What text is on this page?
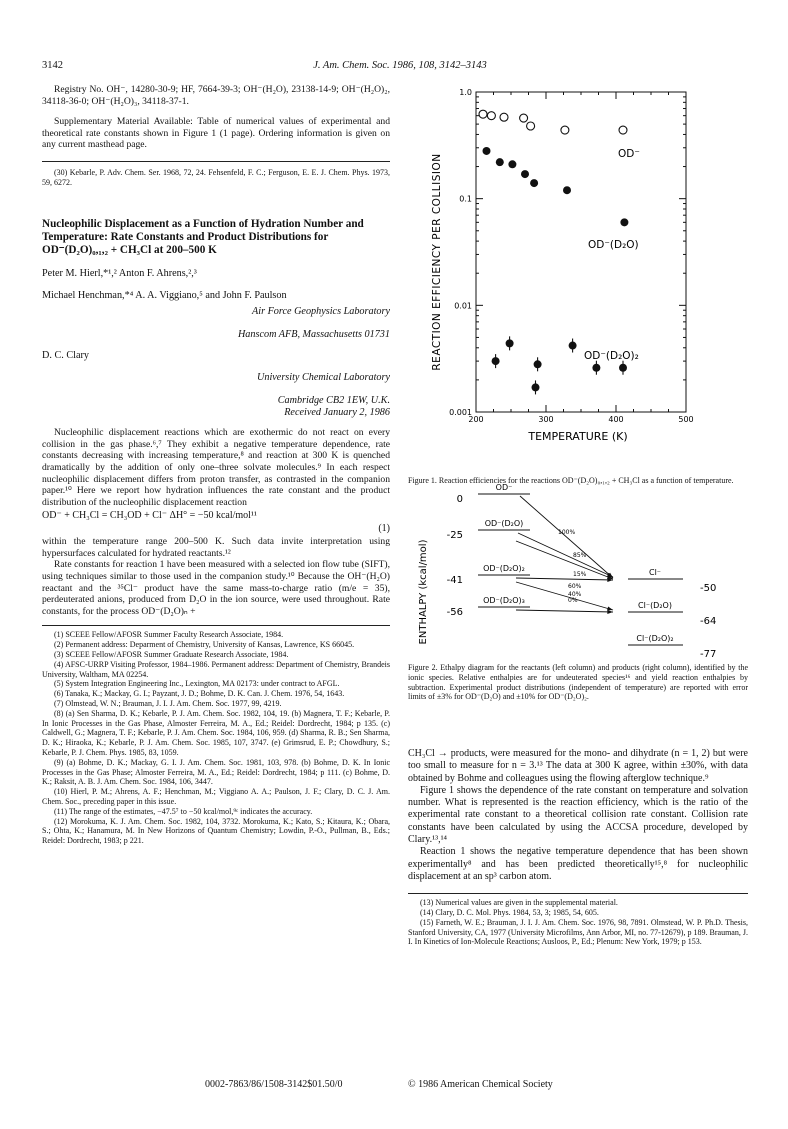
3142	J. Am. Chem. Soc. 1986, 108, 3142–3143

Registry No. OH⁻, 14280-30-9; HF, 7664-39-3; OH⁻(H₂O), 23138-14-9; OH⁻(H₂O)₂, 34118-36-0; OH⁻(H₂O)₃, 34118-37-1.

Supplementary Material Available: Table of numerical values of experimental and theoretical rate constants shown in Figure 1 (1 page). Ordering information is given on any current masthead page.

(30) Kebarle, P. Adv. Chem. Ser. 1968, 72, 24. Fehsenfeld, F. C.; Ferguson, E. E. J. Chem. Phys. 1973, 59, 6272.

Nucleophilic Displacement as a Function of Hydration Number and Temperature: Rate Constants and Product Distributions for OD⁻(D₂O)₀,₁,₂ + CH₃Cl at 200–500 K

Peter M. Hierl,*¹,² Anton F. Ahrens,²,³

Michael Henchman,*⁴ A. A. Viggiano,⁵ and John F. Paulson

Air Force Geophysics Laboratory

Hanscom AFB, Massachusetts 01731

D. C. Clary

University Chemical Laboratory

Cambridge CB2 1EW, U.K.

Received January 2, 1986

Nucleophilic displacement reactions which are exothermic do not react on every collision in the gas phase.⁶,⁷ They exhibit a negative temperature dependence, rate constants decreasing with increasing temperature,⁸ and reaction at 300 K is quenched dramatically by the addition of only one–three solvate molecules.⁹ In each respect nucleophilic displacement differs from proton transfer, as contrasted in the companion paper.¹⁰ Here we report how hydration influences the rate constant and the product distribution of the nucleophilic displacement reaction

OD⁻ + CH₃Cl = CH₃OD + Cl⁻ ΔH° = −50 kcal/mol¹¹
(1)

within the temperature range 200–500 K. Such data invite interpretation using hypersurfaces calculated for hydrated reactants.¹²

Rate constants for reaction 1 have been measured with a selected ion flow tube (SIFT), using techniques similar to those used in the companion study.¹⁰ Because the OH⁻(H₂O) reactant and the ³⁵Cl⁻ product have the same mass-to-charge ratio (m/e = 35), perdeuterated anions, produced from D₂O in the ion source, were used throughout. Rate constants, for the process OD⁻(D₂O)ₙ +

(1) SCEEE Fellow/AFOSR Summer Faculty Research Associate, 1984.

(2) Permanent address: Deparment of Chemistry, University of Kansas, Lawrence, KS 66045.

(3) SCEEE Fellow/AFOSR Summer Graduate Research Associate, 1984.

(4) AFSC-URRP Visiting Professor, 1984–1986. Permanent address: Department of Chemistry, Brandeis University, Waltham, MA 02254.

(5) System Integration Engineering Inc., Lexington, MA 02173: under contract to AFGL.

(6) Tanaka, K.; Mackay, G. I.; Payzant, J. D.; Bohme, D. K. Can. J. Chem. 1976, 54, 1643.

(7) Olmstead, W. N.; Brauman, J. I. J. Am. Chem. Soc. 1977, 99, 4219.

(8) (a) Sen Sharma, D. K.; Kebarle, P. J. Am. Chem. Soc. 1982, 104, 19. (b) Magnera, T. F.; Kebarle, P. In Ionic Processes in the Gas Phase, Almoster Ferreira, M. A., Ed.; Reidel: Dordrecht, 1984; p 135. (c) Caldwell, G.; Magnera, T. F.; Kebarle, P. J. Am. Chem. Soc. 1984, 106, 959. (d) Sharma, R. B.; Sen Sharma, D. K.; Hiraoka, K.; Kebarle, P. J. Am. Chem. Soc. 1985, 107, 3747. (e) Grimsrud, E. P.; Chowdhury, S.; Kebarle, P. J. Chem. Phys. 1985, 83, 1059.

(9) (a) Bohme, D. K.; Mackay, G. I. J. Am. Chem. Soc. 1981, 103, 978. (b) Bohme, D. K. In Ionic Processes in the Gas Phase; Almoster Ferreira, M. A., Ed.; Reidel: Dordrecht, 1984; p 111. (c) Bohme, D. K.; Raksit, A. B. J. Am. Chem. Soc. 1984, 106, 3447.

(10) Hierl, P. M.; Ahrens, A. F.; Henchman, M.; Viggiano A. A.; Paulson, J. F.; Clary, D. C. J. Am. Chem. Soc., preceding paper in this issue.

(11) The range of the estimates, −47.5⁷ to −50 kcal/mol,⁹ᶜ indicates the accuracy.

(12) Morokuma, K. J. Am. Chem. Soc. 1982, 104, 3732. Morokuma, K.; Kato, S.; Kitaura, K.; Obara, S.; Ohta, K.; Hanamura, M. In New Horizons of Quantum Chemistry; Lowdin, P.-O., Pullman, B., Eds.; Reidel: Dordrecht, 1983; p 221.

0.001
0.01
0.1
1.0
200	300	400	500
REACTION EFFICIENCY PER COLLISION
TEMPERATURE (K)
OD⁻
OD⁻(D₂O)
OD⁻(D₂O)₂

Figure 1. Reaction efficiencies for the reactions OD⁻(D₂O)₀,₁,₂ + CH₃Cl as a function of temperature.

OD⁻
0
OD⁻(D₂O)
-25
OD⁻(D₂O)₂
-41
OD⁻(D₂O)₃
-56
Cl⁻
-50
Cl⁻(D₂O)
-64
Cl⁻(D₂O)₂
-77
100%
85%
15%
60%
40%
0%
ENTHALPY (kcal/mol)

Figure 2. Ethalpy diagram for the reactants (left column) and products (right column), identified by the ionic species. Relative enthalpies are for undeuterated species¹⁶ and yield reaction enthalpies by subtraction. Experimental product distributions (independent of temperature) are reported with error limits of ±3% for OD⁻(D₂O) and ±10% for OD⁻(D₂O)₂.

CH₃Cl → products, were measured for the mono- and dihydrate (n = 1, 2) but were too small to measure for n = 3.¹³ The data at 300 K agree, within ±30%, with data obtained by Bohme and colleagues using the flowing afterglow technique.⁹

Figure 1 shows the dependence of the rate constant on temperature and solvation number. What is represented is the reaction efficiency, which is the ratio of the experimental rate constant to a theoretical collision rate constant. Collision rate constants have been calculated by using the ACCSA procedure, developed by Clary.¹³,¹⁴

Reaction 1 shows the negative temperature dependence that has been shown experimentally⁸ and has been predicted theoretically¹⁵,⁸ for nucleophilic displacement at an sp³ carbon atom.

(13) Numerical values are given in the supplemental material.

(14) Clary, D. C. Mol. Phys. 1984, 53, 3; 1985, 54, 605.

(15) Farneth, W. E.; Brauman, J. I. J. Am. Chem. Soc. 1976, 98, 7891. Olmstead, W. P. Ph.D. Thesis, Stanford University, CA, 1977 (University Microfilms, Ann Arbor, MI, no. 77-12679), p 189. Brauman, J. I. In Kinetics of Ion-Molecule Reactions; Ausloos, P., Ed.; Plenum: New York, 1979; p 153.

0002-7863/86/1508-3142$01.50/0	© 1986 American Chemical Society
